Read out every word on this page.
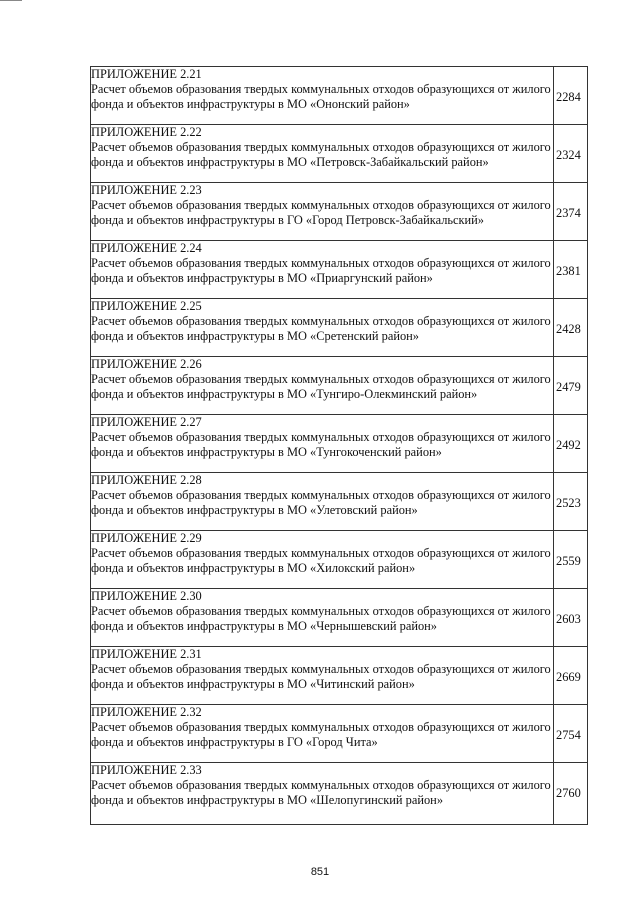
ПРИЛОЖЕНИЕ 2.21
Расчет объемов образования твердых коммунальных отходов образующихся от жилого фонда и объектов инфраструктуры в МО «Ононский район»	2284

ПРИЛОЖЕНИЕ 2.22
Расчет объемов образования твердых коммунальных отходов образующихся от жилого фонда и объектов инфраструктуры в МО «Петровск-Забайкальский район»	2324

ПРИЛОЖЕНИЕ 2.23
Расчет объемов образования твердых коммунальных отходов образующихся от жилого фонда и объектов инфраструктуры в ГО «Город Петровск-Забайкальский»	2374

ПРИЛОЖЕНИЕ 2.24
Расчет объемов образования твердых коммунальных отходов образующихся от жилого фонда и объектов инфраструктуры в МО «Приаргунский район»	2381

ПРИЛОЖЕНИЕ 2.25
Расчет объемов образования твердых коммунальных отходов образующихся от жилого фонда и объектов инфраструктуры в МО «Сретенский район»	2428

ПРИЛОЖЕНИЕ 2.26
Расчет объемов образования твердых коммунальных отходов образующихся от жилого фонда и объектов инфраструктуры в МО «Тунгиро-Олекминский район»	2479

ПРИЛОЖЕНИЕ 2.27
Расчет объемов образования твердых коммунальных отходов образующихся от жилого фонда и объектов инфраструктуры в МО «Тунгокоченский район»	2492

ПРИЛОЖЕНИЕ 2.28
Расчет объемов образования твердых коммунальных отходов образующихся от жилого фонда и объектов инфраструктуры в МО «Улетовский район»	2523

ПРИЛОЖЕНИЕ 2.29
Расчет объемов образования твердых коммунальных отходов образующихся от жилого фонда и объектов инфраструктуры в МО «Хилокский район»	2559

ПРИЛОЖЕНИЕ 2.30
Расчет объемов образования твердых коммунальных отходов образующихся от жилого фонда и объектов инфраструктуры в МО «Чернышевский район»	2603

ПРИЛОЖЕНИЕ 2.31
Расчет объемов образования твердых коммунальных отходов образующихся от жилого фонда и объектов инфраструктуры в МО «Читинский район»	2669

ПРИЛОЖЕНИЕ 2.32
Расчет объемов образования твердых коммунальных отходов образующихся от жилого фонда и объектов инфраструктуры в ГО «Город Чита»	2754

ПРИЛОЖЕНИЕ 2.33
Расчет объемов образования твердых коммунальных отходов образующихся от жилого фонда и объектов инфраструктуры в МО «Шелопугинский район»	2760
851
